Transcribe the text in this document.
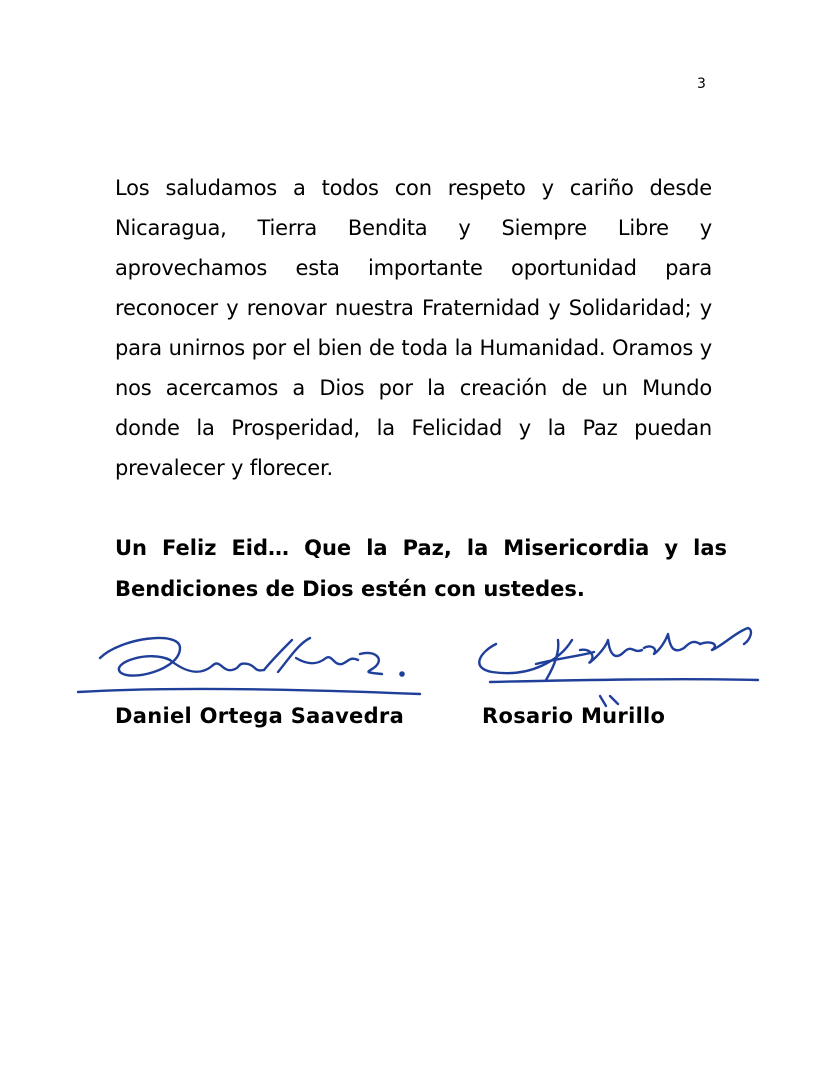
3

Los saludamos a todos con respeto y cariño desde Nicaragua, Tierra Bendita y Siempre Libre y aprovechamos esta importante oportunidad para reconocer y renovar nuestra Fraternidad y Solidaridad; y para unirnos por el bien de toda la Humanidad. Oramos y nos acercamos a Dios por la creación de un Mundo donde la Prosperidad, la Felicidad y la Paz puedan prevalecer y florecer.

Un Feliz Eid… Que la Paz, la Misericordia y las Bendiciones de Dios estén con ustedes.

Daniel Ortega Saavedra	Rosario Murillo
